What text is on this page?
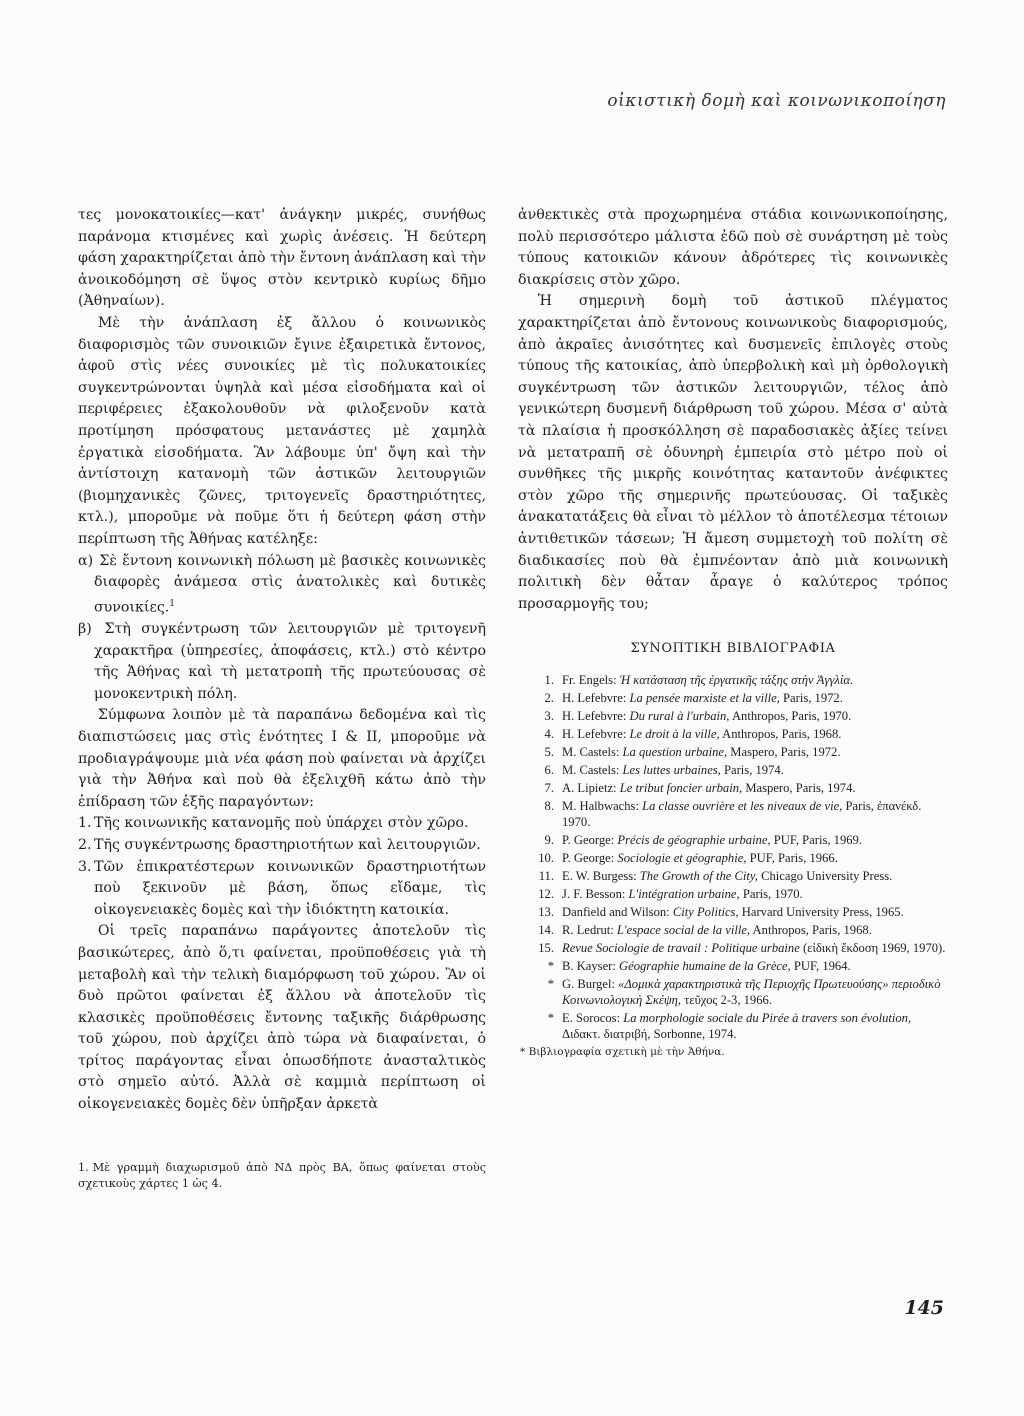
οἰκιστικὴ δομὴ καὶ κοινωνικοποίηση

τες μονοκατοικίες—κατ' ἀνάγκην μικρές, συνήθως παράνομα κτισμένες καὶ χωρὶς ἀνέσεις. Ἡ δεύτερη φάση χαρακτηρίζεται ἀπὸ τὴν ἔντονη ἀνάπλαση καὶ τὴν ἀνοικοδόμηση σὲ ὕψος στὸν κεντρικὸ κυρίως δῆμο (Ἀθηναίων).

Μὲ τὴν ἀνάπλαση ἐξ ἄλλου ὁ κοινωνικὸς διαφορισμὸς τῶν συνοικιῶν ἔγινε ἐξαιρετικὰ ἔντονος, ἀφοῦ στὶς νέες συνοικίες μὲ τὶς πολυκατοικίες συγκεντρώνονται ὑψηλὰ καὶ μέσα εἰσοδήματα καὶ οἱ περιφέρειες ἐξακολουθοῦν νὰ φιλοξενοῦν κατὰ προτίμηση πρόσφατους μετανάστες μὲ χαμηλὰ ἐργατικὰ εἰσοδήματα. Ἂν λάβουμε ὑπ' ὄψη καὶ τὴν ἀντίστοιχη κατανομὴ τῶν ἀστικῶν λειτουργιῶν (βιομηχανικὲς ζῶνες, τριτογενεῖς δραστηριότητες, κτλ.), μποροῦμε νὰ ποῦμε ὅτι ἡ δεύτερη φάση στὴν περίπτωση τῆς Ἀθήνας κατέληξε:

α) Σὲ ἔντονη κοινωνικὴ πόλωση μὲ βασικὲς κοινωνικὲς διαφορὲς ἀνάμεσα στὶς ἀνατολικὲς καὶ δυτικὲς συνοικίες.$^1$
β) Στὴ συγκέντρωση τῶν λειτουργιῶν μὲ τριτογενῆ χαρακτῆρα (ὑπηρεσίες, ἀποφάσεις, κτλ.) στὸ κέντρο τῆς Ἀθήνας καὶ τὴ μετατροπὴ τῆς πρωτεύουσας σὲ μονοκεντρικὴ πόλη.

Σύμφωνα λοιπὸν μὲ τὰ παραπάνω δεδομένα καὶ τὶς διαπιστώσεις μας στὶς ἑνότητες I & II, μποροῦμε νὰ προδιαγράψουμε μιὰ νέα φάση ποὺ φαίνεται νὰ ἀρχίζει γιὰ τὴν Ἀθήνα καὶ ποὺ θὰ ἐξελιχθῆ κάτω ἀπὸ τὴν ἐπίδραση τῶν ἑξῆς παραγόντων:

1. Τῆς κοινωνικῆς κατανομῆς ποὺ ὑπάρχει στὸν χῶρο.
2. Τῆς συγκέντρωσης δραστηριοτήτων καὶ λειτουργιῶν.
3. Τῶν ἐπικρατέστερων κοινωνικῶν δραστηριοτήτων ποὺ ξεκινοῦν μὲ βάση, ὅπως εἴδαμε, τὶς οἰκογενειακὲς δομὲς καὶ τὴν ἰδιόκτητη κατοικία.

Οἱ τρεῖς παραπάνω παράγοντες ἀποτελοῦν τὶς βασικώτερες, ἀπὸ ὅ,τι φαίνεται, προϋποθέσεις γιὰ τὴ μεταβολὴ καὶ τὴν τελικὴ διαμόρφωση τοῦ χώρου. Ἂν οἱ δυὸ πρῶτοι φαίνεται ἐξ ἄλλου νὰ ἀποτελοῦν τὶς κλασικὲς προϋποθέσεις ἔντονης ταξικῆς διάρθρωσης τοῦ χώρου, ποὺ ἀρχίζει ἀπὸ τώρα νὰ διαφαίνεται, ὁ τρίτος παράγοντας εἶναι ὁπωσδήποτε ἀνασταλτικὸς στὸ σημεῖο αὐτό. Ἀλλὰ σὲ καμμιὰ περίπτωση οἱ οἰκογενειακὲς δομὲς δὲν ὑπῆρξαν ἀρκετὰ

1. Μὲ γραμμὴ διαχωρισμοῦ ἀπὸ ΝΔ πρὸς ΒΑ, ὅπως φαίνεται στοὺς σχετικοὺς χάρτες 1 ὡς 4.

ἀνθεκτικὲς στὰ προχωρημένα στάδια κοινωνικοποίησης, πολὺ περισσότερο μάλιστα ἐδῶ ποὺ σὲ συνάρτηση μὲ τοὺς τύπους κατοικιῶν κάνουν ἀδρότερες τὶς κοινωνικὲς διακρίσεις στὸν χῶρο.

Ἡ σημερινὴ δομὴ τοῦ ἀστικοῦ πλέγματος χαρακτηρίζεται ἀπὸ ἔντονους κοινωνικοὺς διαφορισμούς, ἀπὸ ἀκραῖες ἀνισότητες καὶ δυσμενεῖς ἐπιλογὲς στοὺς τύπους τῆς κατοικίας, ἀπὸ ὑπερβολικὴ καὶ μὴ ὀρθολογικὴ συγκέντρωση τῶν ἀστικῶν λειτουργιῶν, τέλος ἀπὸ γενικώτερη δυσμενῆ διάρθρωση τοῦ χώρου. Μέσα σ' αὐτὰ τὰ πλαίσια ἡ προσκόλληση σὲ παραδοσιακὲς ἀξίες τείνει νὰ μετατραπῆ σὲ ὀδυνηρὴ ἐμπειρία στὸ μέτρο ποὺ οἱ συνθῆκες τῆς μικρῆς κοινότητας καταντοῦν ἀνέφικτες στὸν χῶρο τῆς σημερινῆς πρωτεύουσας. Οἱ ταξικὲς ἀνακατατάξεις θὰ εἶναι τὸ μέλλον τὸ ἀποτέλεσμα τέτοιων ἀντιθετικῶν τάσεων; Ἡ ἄμεση συμμετοχὴ τοῦ πολίτη σὲ διαδικασίες ποὺ θὰ ἐμπνέονταν ἀπὸ μιὰ κοινωνικὴ πολιτικὴ δὲν θἆταν ἆραγε ὁ καλύτερος τρόπος προσαρμογῆς του;

ΣΥΝΟΠΤΙΚΗ ΒΙΒΛΙΟΓΡΑΦΙΑ
1. Fr. Engels: Ἡ κατάσταση τῆς ἐργατικῆς τάξης στὴν Ἀγγλία.
2. H. Lefebvre: La pensée marxiste et la ville, Paris, 1972.
3. H. Lefebvre: Du rural à l'urbain, Anthropos, Paris, 1970.
4. H. Lefebvre: Le droit à la ville, Anthropos, Paris, 1968.
5. M. Castels: La question urbaine, Maspero, Paris, 1972.
6. M. Castels: Les luttes urbaines, Paris, 1974.
7. A. Lipietz: Le tribut foncier urbain, Maspero, Paris, 1974.
8. M. Halbwachs: La classe ouvrière et les niveaux de vie, Paris, ἐπανέκδ. 1970.
9. P. George: Précis de géographie urbaine, PUF, Paris, 1969.
10. P. George: Sociologie et géographie, PUF, Paris, 1966.
11. E. W. Burgess: The Growth of the City, Chicago University Press.
12. J. F. Besson: L'intégration urbaine, Paris, 1970.
13. Danfield and Wilson: City Politics, Harvard University Press, 1965.
14. R. Ledrut: L'espace social de la ville, Anthropos, Paris, 1968.
15. Revue Sociologie de travail : Politique urbaine (εἰδικὴ ἔκδοση 1969, 1970).
* B. Kayser: Géographie humaine de la Grèce, PUF, 1964.
* G. Burgel: «Δομικὰ χαρακτηριστικὰ τῆς Περιοχῆς Πρωτευούσης» περιοδικὸ Κοινωνιολογικὴ Σκέψη, τεῦχος 2-3, 1966.
* E. Sorocos: La morphologie sociale du Pirée à travers son évolution, Διδακτ. διατριβή, Sorbonne, 1974.
* Βιβλιογραφία σχετικὴ μὲ τὴν Ἀθήνα.
145
